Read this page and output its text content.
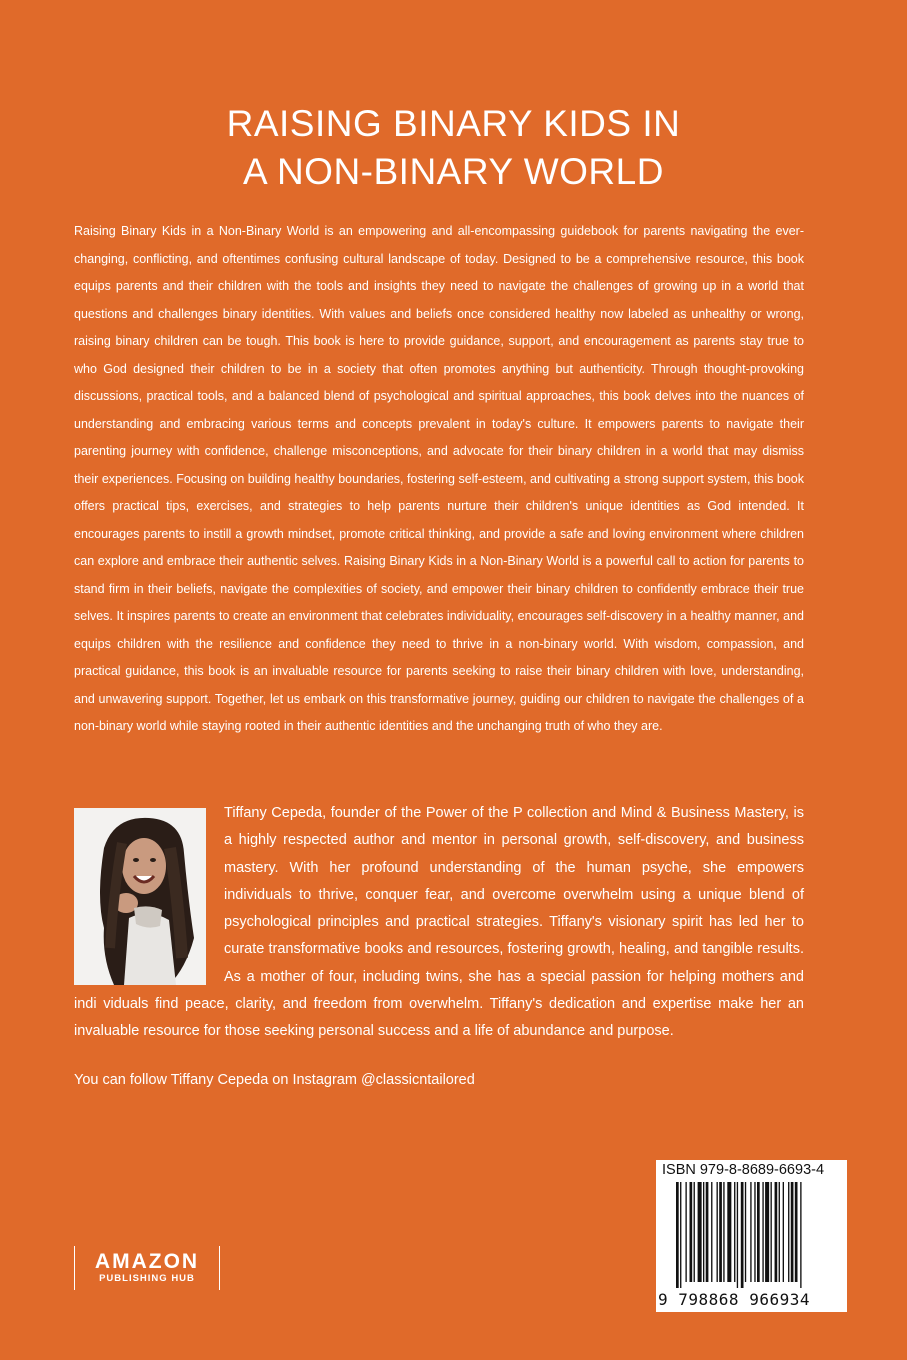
RAISING BINARY KIDS IN
A NON-BINARY WORLD

Raising Binary Kids in a Non-Binary World is an empowering and all-encompassing guidebook for parents navigating the ever-changing, conflicting, and oftentimes confusing cultural landscape of today. Designed to be a comprehensive resource, this book equips parents and their children with the tools and insights they need to navigate the challenges of growing up in a world that questions and challenges binary identities. With values and beliefs once considered healthy now labeled as unhealthy or wrong, raising binary children can be tough. This book is here to provide guidance, support, and encouragement as parents stay true to who God designed their children to be in a society that often promotes anything but authenticity. Through thought-provoking discussions, practical tools, and a balanced blend of psychological and spiritual approaches, this book delves into the nuances of understanding and embracing various terms and concepts prevalent in today's culture. It empowers parents to navigate their parenting journey with confidence, challenge misconceptions, and advocate for their binary children in a world that may dismiss their experiences. Focusing on building healthy boundaries, fostering self-esteem, and cultivating a strong support system, this book offers practical tips, exercises, and strategies to help parents nurture their children's unique identities as God intended. It encourages parents to instill a growth mindset, promote critical thinking, and provide a safe and loving environment where children can explore and embrace their authentic selves. Raising Binary Kids in a Non-Binary World is a powerful call to action for parents to stand firm in their beliefs, navigate the complexities of society, and empower their binary children to confidently embrace their true selves. It inspires parents to create an environment that celebrates individuality, encourages self-discovery in a healthy manner, and equips children with the resilience and confidence they need to thrive in a non-binary world. With wisdom, compassion, and practical guidance, this book is an invaluable resource for parents seeking to raise their binary children with love, understanding, and unwavering support. Together, let us embark on this transformative journey, guiding our children to navigate the challenges of a non-binary world while staying rooted in their authentic identities and the unchanging truth of who they are.

Tiffany Cepeda, founder of the Power of the P collection and Mind & Business Mastery, is a highly respected author and mentor in personal growth, self-discovery, and business mastery. With her profound understanding of the human psyche, she empowers individuals to thrive, conquer fear, and overcome overwhelm using a unique blend of psychological principles and practical strategies. Tiffany's visionary spirit has led her to curate transformative books and resources, fostering growth, healing, and tangible results. As a mother of four, including twins, she has a special passion for helping mothers and indi viduals find peace, clarity, and freedom from overwhelm. Tiffany's dedication and expertise make her an invaluable resource for those seeking personal success and a life of abundance and purpose.

You can follow Tiffany Cepeda on Instagram @classicntailored
AMAZON
PUBLISHING HUB
ISBN 979-8-8689-6693-4
9 798868 966934
